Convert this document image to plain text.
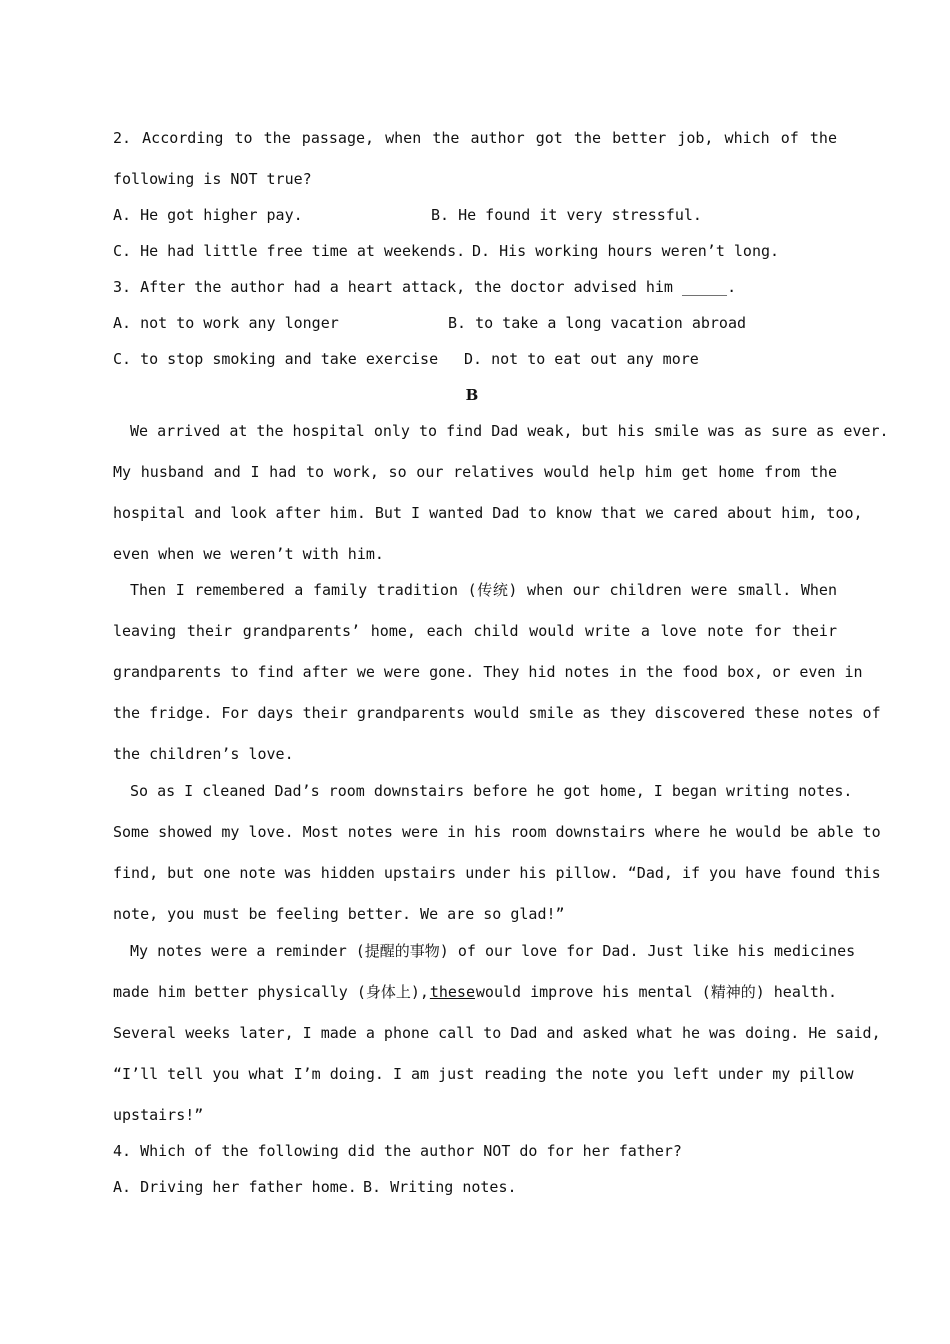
2. According to the passage, when the author got the better job, which of the
following is NOT true?
A. He got higher pay.	B. He found it very stressful.
C. He had little free time at weekends. D. His working hours weren’t long.
3. After the author had a heart attack, the doctor advised him _____.
A. not to work any longer	B. to take a long vacation abroad
C. to stop smoking and take exercise D. not to eat out any more
B
We arrived at the hospital only to find Dad weak, but his smile was as sure as ever.
My husband and I had to work, so our relatives would help him get home from the
hospital and look after him. But I wanted Dad to know that we cared about him, too,
even when we weren’t with him.
Then I remembered a family tradition (传统) when our children were small. When
leaving their grandparents’ home, each child would write a love note for their
grandparents to find after we were gone. They hid notes in the food box, or even in
the fridge. For days their grandparents would smile as they discovered these notes of
the children’s love.
So as I cleaned Dad’s room downstairs before he got home, I began writing notes.
Some showed my love. Most notes were in his room downstairs where he would be able to
find, but one note was hidden upstairs under his pillow. “Dad, if you have found this
note, you must be feeling better. We are so glad!”
My notes were a reminder (提醒的事物) of our love for Dad. Just like his medicines
made him better physically (身体上), these would improve his mental (精神的) health.
Several weeks later, I made a phone call to Dad and asked what he was doing. He said,
“I’ll tell you what I’m doing. I am just reading the note you left under my pillow
upstairs!”
4. Which of the following did the author NOT do for her father?
A. Driving her father home. B. Writing notes.
